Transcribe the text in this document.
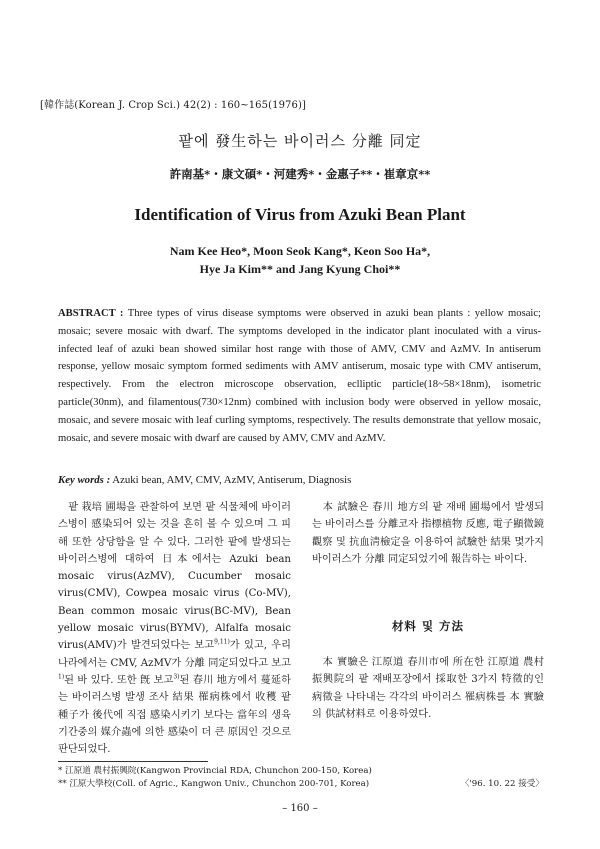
[韓作誌(Korean J. Crop Sci.) 42(2) : 160~165(1976)]
팥에 發生하는 바이러스 分離 同定
許南基*・康文碩*・河建秀*・金惠子**・崔章京**
Identification of Virus from Azuki Bean Plant
Nam Kee Heo*, Moon Seok Kang*, Keon Soo Ha*,
Hye Ja Kim** and Jang Kyung Choi**
ABSTRACT : Three types of virus disease symptoms were observed in azuki bean plants : yellow mosaic; mosaic; severe mosaic with dwarf. The symptoms developed in the indicator plant inoculated with a virus- infected leaf of azuki bean showed similar host range with those of AMV, CMV and AzMV. In antiserum response, yellow mosaic symptom formed sediments with AMV antiserum, mosaic type with CMV antiserum, respectively. From the electron microscope observation, eclliptic particle(18~58×18nm), isometric particle(30nm), and filamentous(730×12nm) combined with inclusion body were observed in yellow mosaic, mosaic, and severe mosaic with leaf curling symptoms, respectively. The results demonstrate that yellow mosaic, mosaic, and severe mosaic with dwarf are caused by AMV, CMV and AzMV.
Key words : Azuki bean, AMV, CMV, AzMV, Antiserum, Diagnosis
팥 栽培 圃場을 관찰하여 보면 팥 식물체에 바이러스병이 感染되어 있는 것을 흔히 볼 수 있으며 그 피해 또한 상당함을 알 수 있다. 그러한 팥에 발생되는 바이러스병에 대하여 日本에서는 Azuki bean mosaic virus(AzMV), Cucumber mosaic virus(CMV), Cowpea mosaic virus (Co-MV), Bean common mosaic virus(BC-MV), Bean yellow mosaic virus(BYMV), Alfalfa mosaic virus(AMV)가 발견되었다는 보고$^{9,11)}$가 있고, 우리나라에서는 CMV, AzMV가 分離 同定되었다고 보고$^{1)}$된 바 있다. 또한 旣 보고$^{3)}$된 春川 地方에서 蔓延하는 바이러스병 발생 조사 結果 罹病株에서 收穫 팥 種子가 後代에 직접 感染시키기 보다는 當年의 생육기간중의 媒介蟲에 의한 感染이 더 큰 原因인 것으로 판단되었다.
本 試驗은 春川 地方의 팥 재배 圃場에서 발생되는 바이러스를 分離코자 指標植物 反應, 電子顯微鏡 觀察 및 抗血淸檢定을 이용하여 試驗한 結果 몇가지 바이러스가 分離 同定되었기에 報告하는 바이다.
材料 및 方法
本 實驗은 江原道 春川市에 所在한 江原道 農村振興院의 팥 재배포장에서 採取한 3가지 特徵的인 病徵을 나타내는 각각의 바이러스 罹病株를 本 實驗의 供試材料로 이용하였다.
* 江原道 農村振興院(Kangwon Provincial RDA, Chunchon 200-150, Korea)
** 江原大學校(Coll. of Agric., Kangwon Univ., Chunchon 200-701, Korea)	〈'96. 10. 22 接受〉
– 160 –
